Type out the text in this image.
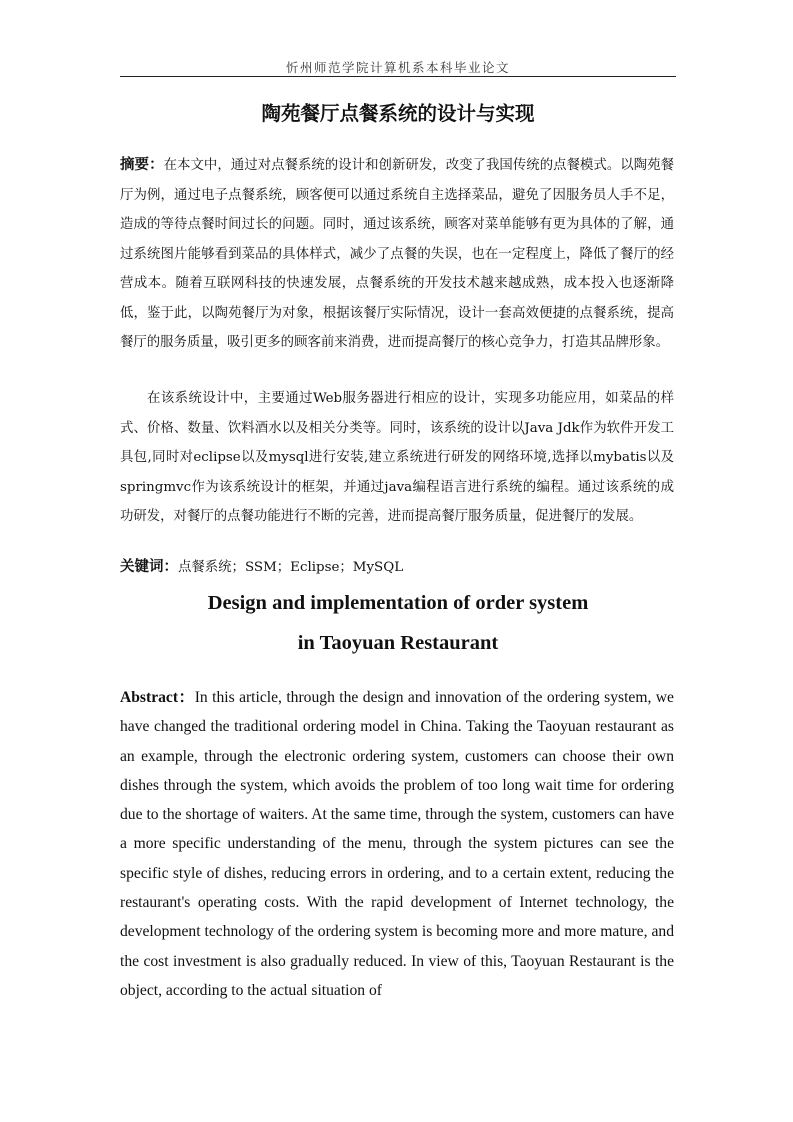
忻州师范学院计算机系本科毕业论文
陶苑餐厅点餐系统的设计与实现
摘要：在本文中，通过对点餐系统的设计和创新研发，改变了我国传统的点餐模式。以陶苑餐厅为例，通过电子点餐系统，顾客便可以通过系统自主选择菜品，避免了因服务员人手不足，造成的等待点餐时间过长的问题。同时，通过该系统，顾客对菜单能够有更为具体的了解，通过系统图片能够看到菜品的具体样式，减少了点餐的失误，也在一定程度上，降低了餐厅的经营成本。随着互联网科技的快速发展，点餐系统的开发技术越来越成熟，成本投入也逐渐降低，鉴于此，以陶苑餐厅为对象，根据该餐厅实际情况，设计一套高效便捷的点餐系统，提高餐厅的服务质量，吸引更多的顾客前来消费，进而提高餐厅的核心竞争力，打造其品牌形象。
在该系统设计中，主要通过Web服务器进行相应的设计，实现多功能应用，如菜品的样式、价格、数量、饮料酒水以及相关分类等。同时，该系统的设计以Java Jdk作为软件开发工具包,同时对eclipse以及mysql进行安装,建立系统进行研发的网络环境,选择以mybatis以及springmvc作为该系统设计的框架，并通过java编程语言进行系统的编程。通过该系统的成功研发，对餐厅的点餐功能进行不断的完善，进而提高餐厅服务质量，促进餐厅的发展。
关键词：点餐系统；SSM；Eclipse；MySQL
Design and implementation of order system
in Taoyuan Restaurant
Abstract：In this article, through the design and innovation of the ordering system, we have changed the traditional ordering model in China. Taking the Taoyuan restaurant as an example, through the electronic ordering system, customers can choose their own dishes through the system, which avoids the problem of too long wait time for ordering due to the shortage of waiters. At the same time, through the system, customers can have a more specific understanding of the menu, through the system pictures can see the specific style of dishes, reducing errors in ordering, and to a certain extent, reducing the restaurant's operating costs. With the rapid development of Internet technology, the development technology of the ordering system is becoming more and more mature, and the cost investment is also gradually reduced. In view of this, Taoyuan Restaurant is the object, according to the actual situation of
